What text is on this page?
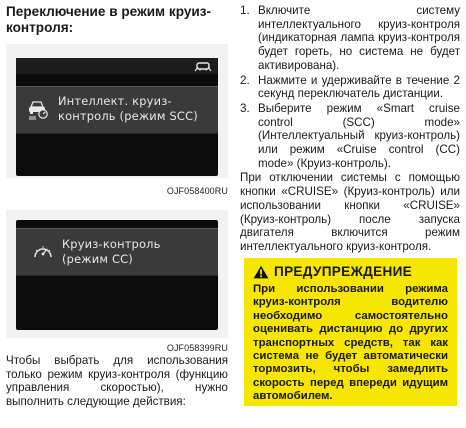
Переключение в режим круиз-контроля:
Интеллект. круиз-
контроль (режим SCC)
OJF058400RU
Круиз-контроль
(режим CC)
OJF058399RU
Чтобы выбрать для использования только режим круиз-контроля (функцию управления скоростью), нужно выполнить следующие действия:
1. Включите систему интеллектуального круиз-контроля (индикаторная лампа круиз-контроля будет гореть, но система не будет активирована).
2. Нажмите и удерживайте в течение 2 секунд переключатель дистанции.
3. Выберите режим «Smart cruise control (SCC) mode» (Интеллектуальный круиз-контроль) или режим «Cruise control (CC) mode» (Круиз-контроль).
При отключении системы с помощью кнопки «CRUISE» (Круиз-контроль) или использовании кнопки «CRUISE» (Круиз-контроль) после запуска двигателя включится режим интеллектуального круиз-контроля.
ПРЕДУПРЕЖДЕНИЕ
При использовании режима круиз-контроля водителю необходимо самостоятельно оценивать дистанцию до других транспортных средств, так как система не будет автоматически тормозить, чтобы замедлить скорость перед впереди идущим автомобилем.
